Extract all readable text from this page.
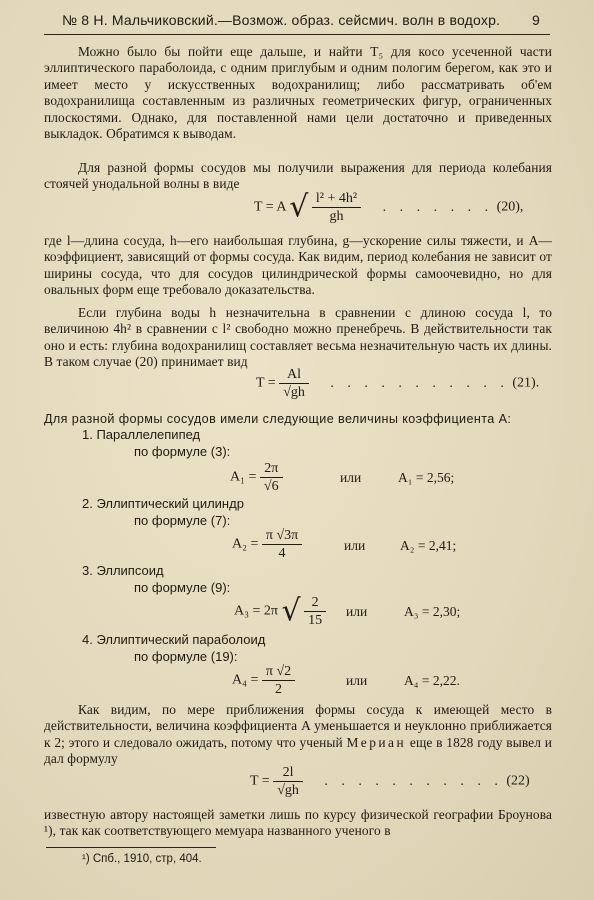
№ 8 Н. Мальчиковский.—Возмож. образ. сейсмич. волн в водохр. 9
Можно было бы пойти еще дальше, и найти T₅ для косо усеченной части эллиптического параболоида, с одним приглубым и одним пологим берегом, как это и имеет место у искусственных водохранилищ; либо рассматривать об'ем водохранилища составленным из различных геометрических фигур, ограниченных плоскостями. Однако, для поставленной нами цели достаточно и приведенных выкладок. Обратимся к выводам.
Для разной формы сосудов мы получили выражения для периода колебания стоячей унодальной волны в виде
T = A √ $\frac{\text{l² + 4h²}}{gh}$ . . . . . . . (20),
где l—длина сосуда, h—его наибольшая глубина, g—ускорение силы тяжести, и A—коэффициент, зависящий от формы сосуда. Как видим, период колебания не зависит от ширины сосуда, что для сосудов цилиндрической формы самоочевидно, но для овальных форм еще требовало доказательства.
Если глубина воды h незначительна в сравнении с длиною сосуда l, то величиною 4h² в сравнении с l² свободно можно пренебречь. В действительности так оно и есть: глубина водохранилищ составляет весьма незначительную часть их длины. В таком случае (20) принимает вид
$T = \frac{Al}{√gh}$ . . . . . . . . . . . (21).
Для разной формы сосудов имели следующие величины коэффициента A:
1. Параллелепипед
по формуле (3):
$A_1 = \frac{2\pi}{√6}$	или	A₁ = 2,56;
2. Эллиптический цилиндр
по формуле (7):
$A_2 = \frac{\pi √3\pi}{4}$	или	A₂ = 2,41;
3. Эллипсоид
по формуле (9):
A₃ = 2π √ $\frac{2}{15}$ или	A₃ = 2,30;
4. Эллиптический параболоид
по формуле (19):
$A_4 = \frac{\pi √2}{2}$	или	A₄ = 2,22.
Как видим, по мере приближения формы сосуда к имеющей место в действительности, величина коэффициента A уменьшается и неуклонно приближается к 2; этого и следовало ожидать, потому что ученый Мериан еще в 1828 году вывел и дал формулу
$T = \frac{2l}{√gh}$ . . . . . . . . . . . (22)
известную автору настоящей заметки лишь по курсу физической географии Броунова ¹), так как соответствующего мемуара названного ученого в
¹) Спб., 1910, стр, 404.
